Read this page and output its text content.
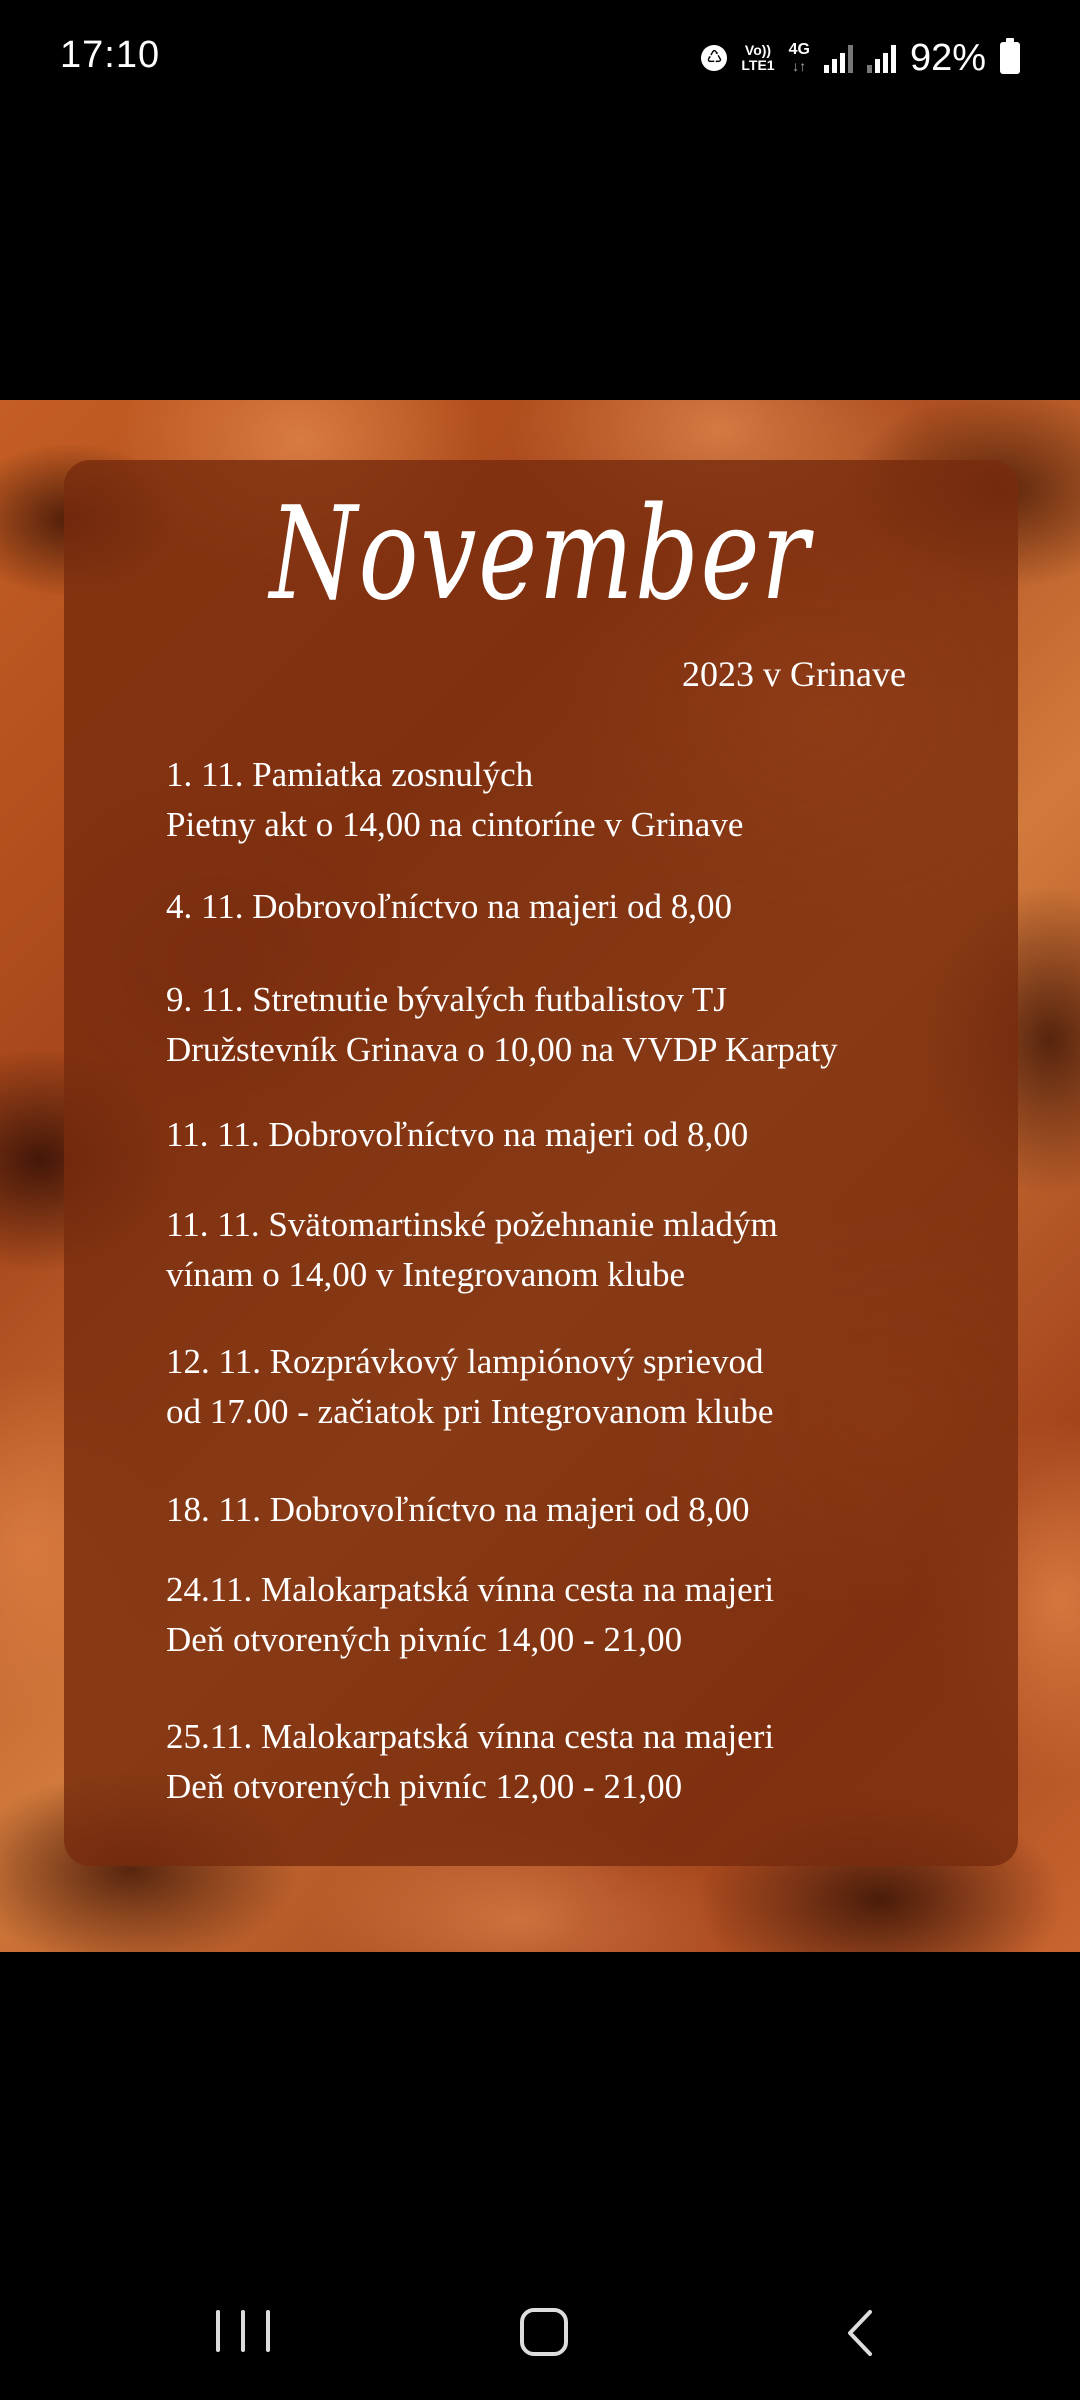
17:10	♺	Vo))
LTE1
4G
↓↑	92%
November
2023 v Grinave
1. 11. Pamiatka zosnulých
Pietny akt o 14,00 na cintoríne v Grinave
4. 11. Dobrovoľníctvo na majeri od 8,00
9. 11. Stretnutie bývalých futbalistov TJ
Družstevník Grinava o 10,00 na VVDP Karpaty
11. 11. Dobrovoľníctvo na majeri od 8,00
11. 11. Svätomartinské požehnanie mladým
vínam o 14,00 v Integrovanom klube
12. 11. Rozprávkový lampiónový sprievod
od 17.00 - začiatok pri Integrovanom klube
18. 11. Dobrovoľníctvo na majeri od 8,00
24.11. Malokarpatská vínna cesta na majeri
Deň otvorených pivníc 14,00 - 21,00
25.11. Malokarpatská vínna cesta na majeri
Deň otvorených pivníc 12,00 - 21,00
